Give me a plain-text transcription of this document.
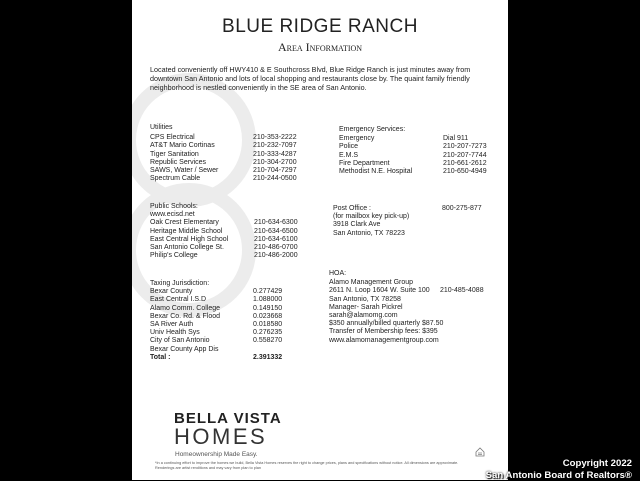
BLUE RIDGE RANCH
Area Information
Located conveniently off HWY410 & E Southcross Blvd, Blue Ridge Ranch is just minutes away from downtown San Antonio and lots of local shopping and restaurants close by. The quaint family friendly neighborhood is nestled conveniently in the SE area of San Antonio.
Utilities
CPS Electrical	210-353-2222
AT&T Mario Cortinas	210-232-7097
Tiger Sanitation	210-333-4287
Republic Services	210-304-2700
SAWS, Water / Sewer	210-704-7297
Spectrum Cable	210-244-0500
Emergency Services:
Emergency	Dial 911
Police	210-207-7273
E.M.S	210-207-7744
Fire Department	210-661-2612
Methodist N.E. Hospital	210-650-4949
Public Schools:
www.ecisd.net
Oak Crest Elementary	210-634-6300
Heritage Middle School	210-634-6500
East Central High School	210-634-6100
San Antonio College St.	210-486-0700
Philip's College	210-486-2000
Post Office :	800-275-877
(for mailbox key pick-up)
3918 Clark Ave
San Antonio, TX 78223
Taxing Jurisdiction:
Bexar County	0.277429
East Central I.S.D	1.088000
Alamo Comm. College	0.149150
Bexar Co. Rd. & Flood	0.023668
SA River Auth	0.018580
Univ Health Sys	0.276235
City of San Antonio	0.558270
Bexar County App Dis
Total :	2.391332
HOA:
Alamo Management Group
2611 N. Loop 1604 W. Suite 100	210-485-4088
San Antonio, TX 78258
Manager- Sarah Pickrel
sarah@alamomg.com
$350 annually/billed quarterly $87.50
Transfer of Membership fees: $395
www.alamomanagementgroup.com
BELLA VISTA
HOMES
Homeownership Made Easy.
*In a continuing effort to improve the homes we build, Bella Vista Homes reserves the right to change prices, plans and specifications without notice. All dimensions are approximate. Renderings are artist renditions and may vary from plan to plan	Copyright 2022
San Antonio Board of Realtors®
